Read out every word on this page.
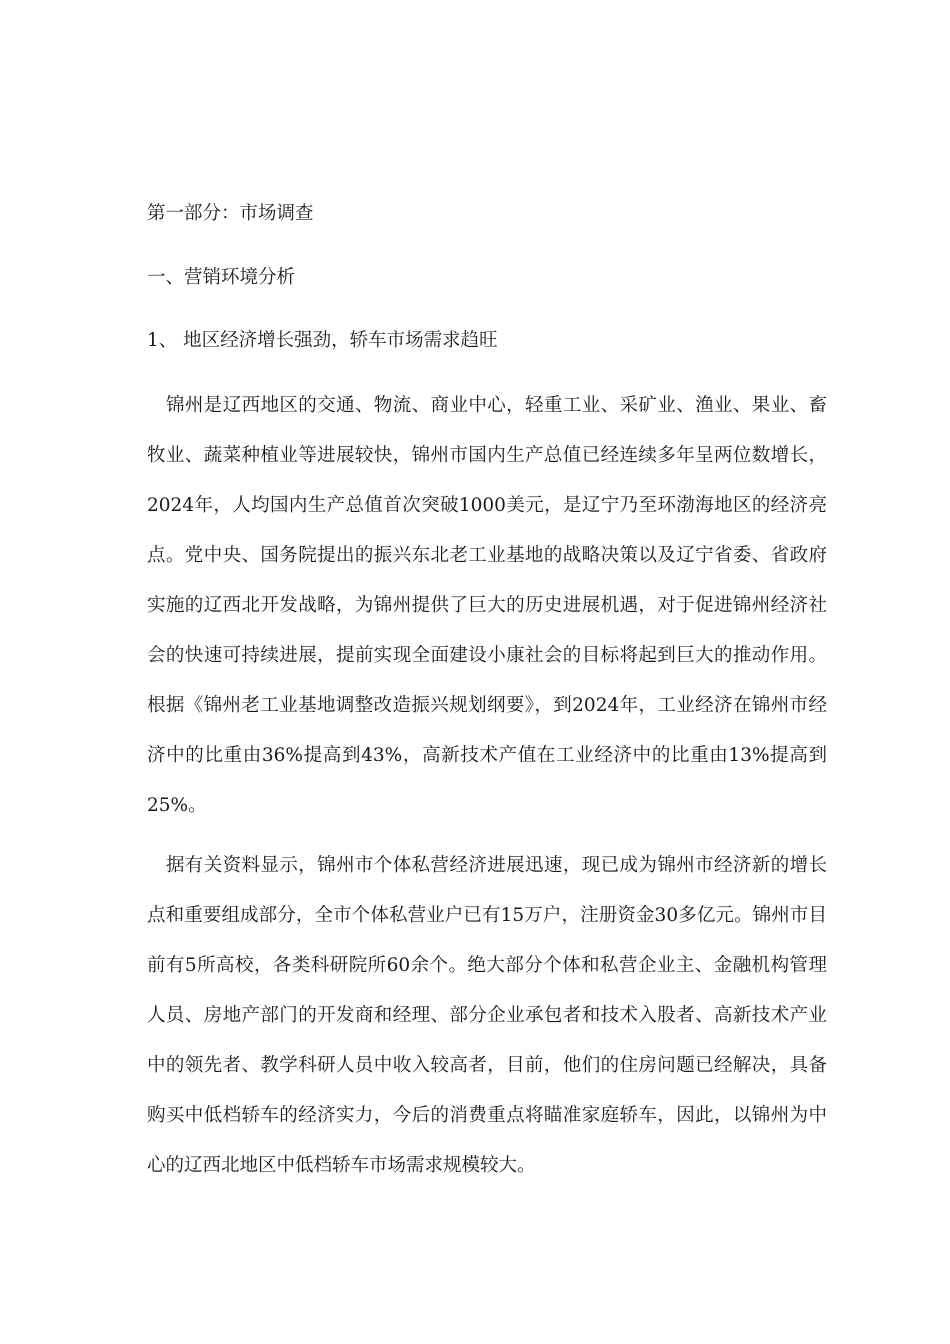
第一部分：市场调查

一、营销环境分析

1、 地区经济增长强劲，轿车市场需求趋旺

锦州是辽西地区的交通、物流、商业中心，轻重工业、采矿业、渔业、果业、畜牧业、蔬菜种植业等进展较快，锦州市国内生产总值已经连续多年呈两位数增长，2024年，人均国内生产总值首次突破1000美元，是辽宁乃至环渤海地区的经济亮点。党中央、国务院提出的振兴东北老工业基地的战略决策以及辽宁省委、省政府实施的辽西北开发战略，为锦州提供了巨大的历史进展机遇，对于促进锦州经济社会的快速可持续进展，提前实现全面建设小康社会的目标将起到巨大的推动作用。根据《锦州老工业基地调整改造振兴规划纲要》，到2024年，工业经济在锦州市经济中的比重由36%提高到43%，高新技术产值在工业经济中的比重由13%提高到25%。

据有关资料显示，锦州市个体私营经济进展迅速，现已成为锦州市经济新的增长点和重要组成部分，全市个体私营业户已有15万户，注册资金30多亿元。锦州市目前有5所高校，各类科研院所60余个。绝大部分个体和私营企业主、金融机构管理人员、房地产部门的开发商和经理、部分企业承包者和技术入股者、高新技术产业中的领先者、教学科研人员中收入较高者，目前，他们的住房问题已经解决，具备购买中低档轿车的经济实力，今后的消费重点将瞄准家庭轿车，因此，以锦州为中心的辽西北地区中低档轿车市场需求规模较大。
